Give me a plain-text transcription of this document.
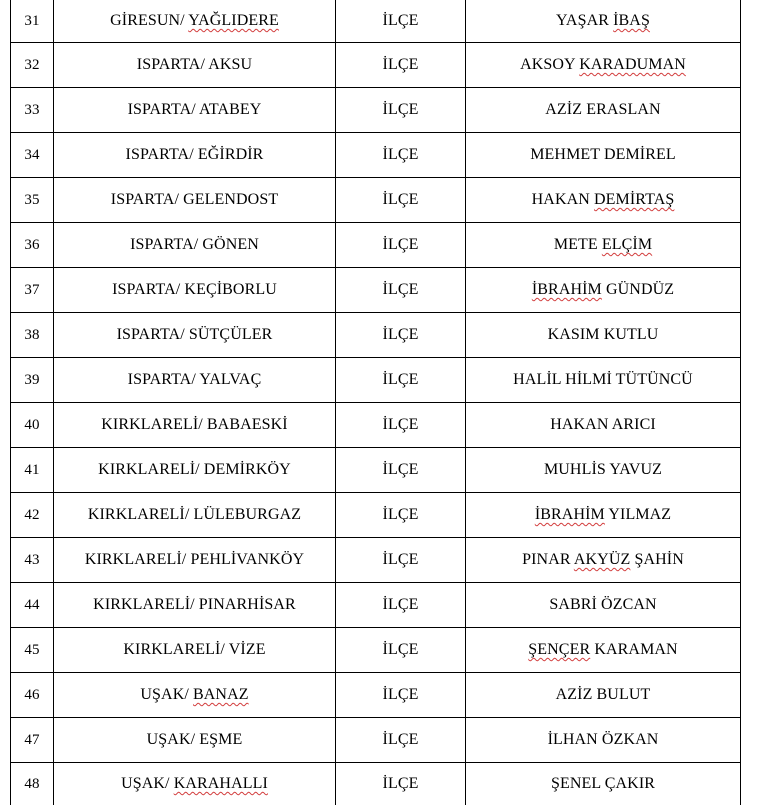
31	GİRESUN/ YAĞLIDERE	İLÇE	YAŞAR İBAŞ
32	ISPARTA/ AKSU	İLÇE	AKSOY KARADUMAN
33	ISPARTA/ ATABEY	İLÇE	AZİZ ERASLAN
34	ISPARTA/ EĞİRDİR	İLÇE	MEHMET DEMİREL
35	ISPARTA/ GELENDOST	İLÇE	HAKAN DEMİRTAŞ
36	ISPARTA/ GÖNEN	İLÇE	METE ELÇİM
37	ISPARTA/ KEÇİBORLU	İLÇE	İBRAHİM GÜNDÜZ
38	ISPARTA/ SÜTÇÜLER	İLÇE	KASIM KUTLU
39	ISPARTA/ YALVAÇ	İLÇE	HALİL HİLMİ TÜTÜNCÜ
40	KIRKLARELİ/ BABAESKİ	İLÇE	HAKAN ARICI
41	KIRKLARELİ/ DEMİRKÖY	İLÇE	MUHLİS YAVUZ
42	KIRKLARELİ/ LÜLEBURGAZ	İLÇE	İBRAHİM YILMAZ
43	KIRKLARELİ/ PEHLİVANKÖY	İLÇE	PINAR AKYÜZ ŞAHİN
44	KIRKLARELİ/ PINARHİSAR	İLÇE	SABRİ ÖZCAN
45	KIRKLARELİ/ VİZE	İLÇE	ŞENÇER KARAMAN
46	UŞAK/ BANAZ	İLÇE	AZİZ BULUT
47	UŞAK/ EŞME	İLÇE	İLHAN ÖZKAN
48	UŞAK/ KARAHALLI	İLÇE	ŞENEL ÇAKIR
